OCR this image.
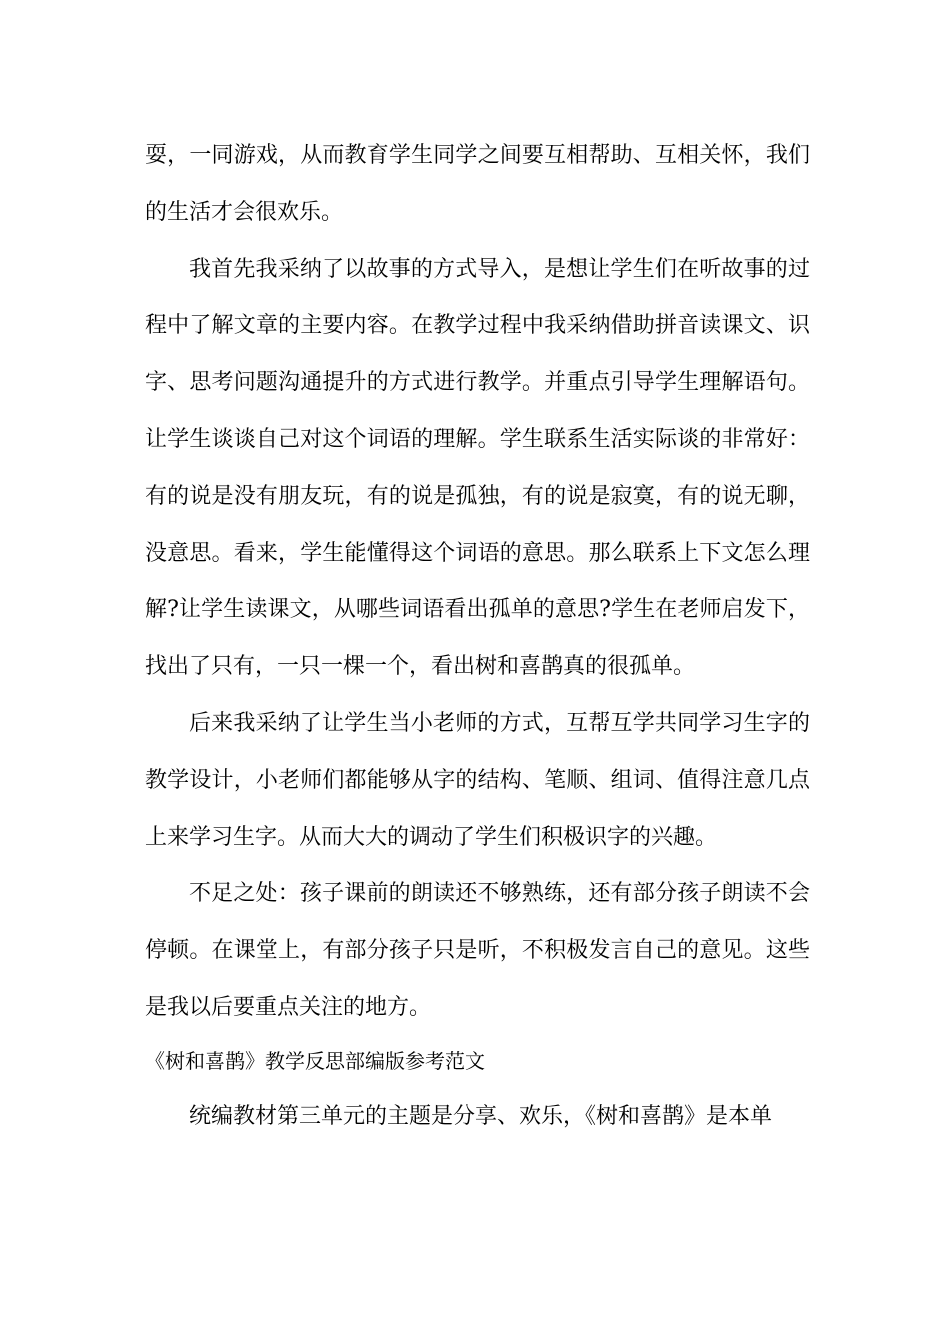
耍，一同游戏，从而教育学生同学之间要互相帮助、互相关怀，我们的生活才会很欢乐。

我首先我采纳了以故事的方式导入，是想让学生们在听故事的过程中了解文章的主要内容。在教学过程中我采纳借助拼音读课文、识字、思考问题沟通提升的方式进行教学。并重点引导学生理解语句。让学生谈谈自己对这个词语的理解。学生联系生活实际谈的非常好：有的说是没有朋友玩，有的说是孤独，有的说是寂寞，有的说无聊，没意思。看来，学生能懂得这个词语的意思。那么联系上下文怎么理解?让学生读课文，从哪些词语看出孤单的意思?学生在老师启发下，找出了只有，一只一棵一个，看出树和喜鹊真的很孤单。

后来我采纳了让学生当小老师的方式，互帮互学共同学习生字的教学设计，小老师们都能够从字的结构、笔顺、组词、值得注意几点上来学习生字。从而大大的调动了学生们积极识字的兴趣。

不足之处：孩子课前的朗读还不够熟练，还有部分孩子朗读不会停顿。在课堂上，有部分孩子只是听，不积极发言自己的意见。这些是我以后要重点关注的地方。

《树和喜鹊》教学反思部编版参考范文

统编教材第三单元的主题是分享、欢乐，《树和喜鹊》是本单
